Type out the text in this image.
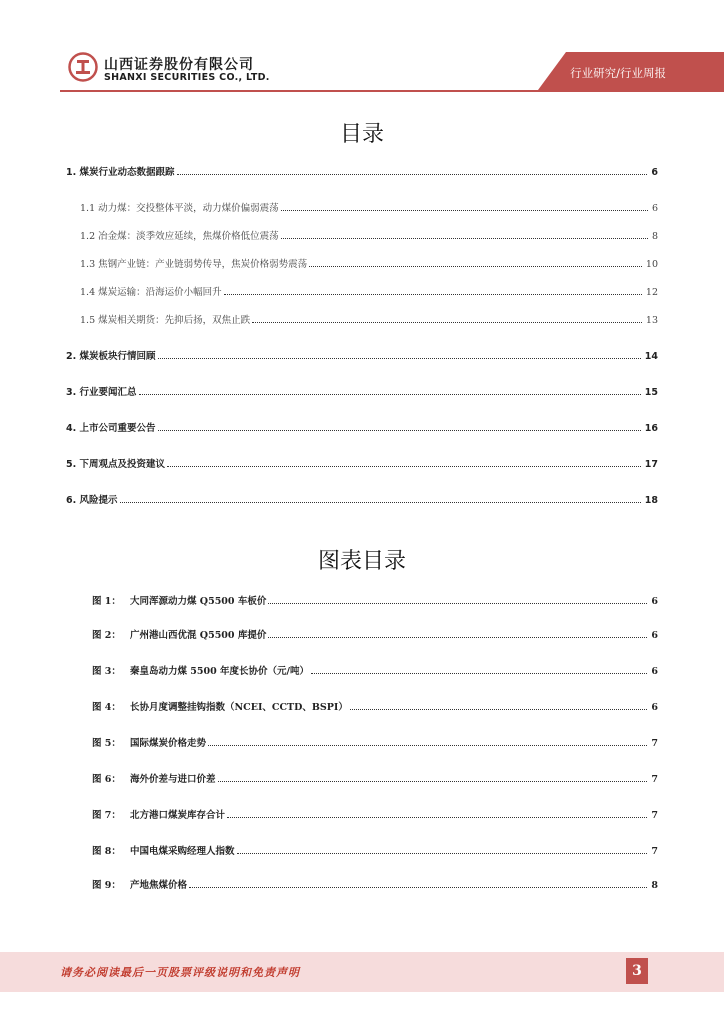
山西证券股份有限公司
SHANXI SECURITIES CO., LTD.	行业研究/行业周报
目录
1. 煤炭行业动态数据跟踪	6
1.1 动力煤：交投整体平淡，动力煤价偏弱震荡	6
1.2 冶金煤：淡季效应延续，焦煤价格低位震荡	8
1.3 焦钢产业链：产业链弱势传导，焦炭价格弱势震荡	10
1.4 煤炭运输：沿海运价小幅回升	12
1.5 煤炭相关期货：先抑后扬，双焦止跌	13
2. 煤炭板块行情回顾	14
3. 行业要闻汇总	15
4. 上市公司重要公告	16
5. 下周观点及投资建议	17
6. 风险提示	18
图表目录
图 1： 大同浑源动力煤 Q5500 车板价	6
图 2： 广州港山西优混 Q5500 库提价	6
图 3： 秦皇岛动力煤 5500 年度长协价（元/吨）	6
图 4： 长协月度调整挂钩指数（NCEI、CCTD、BSPI）	6
图 5： 国际煤炭价格走势	7
图 6： 海外价差与进口价差	7
图 7： 北方港口煤炭库存合计	7
图 8： 中国电煤采购经理人指数	7
图 9： 产地焦煤价格	8
请务必阅读最后一页股票评级说明和免责声明	3
